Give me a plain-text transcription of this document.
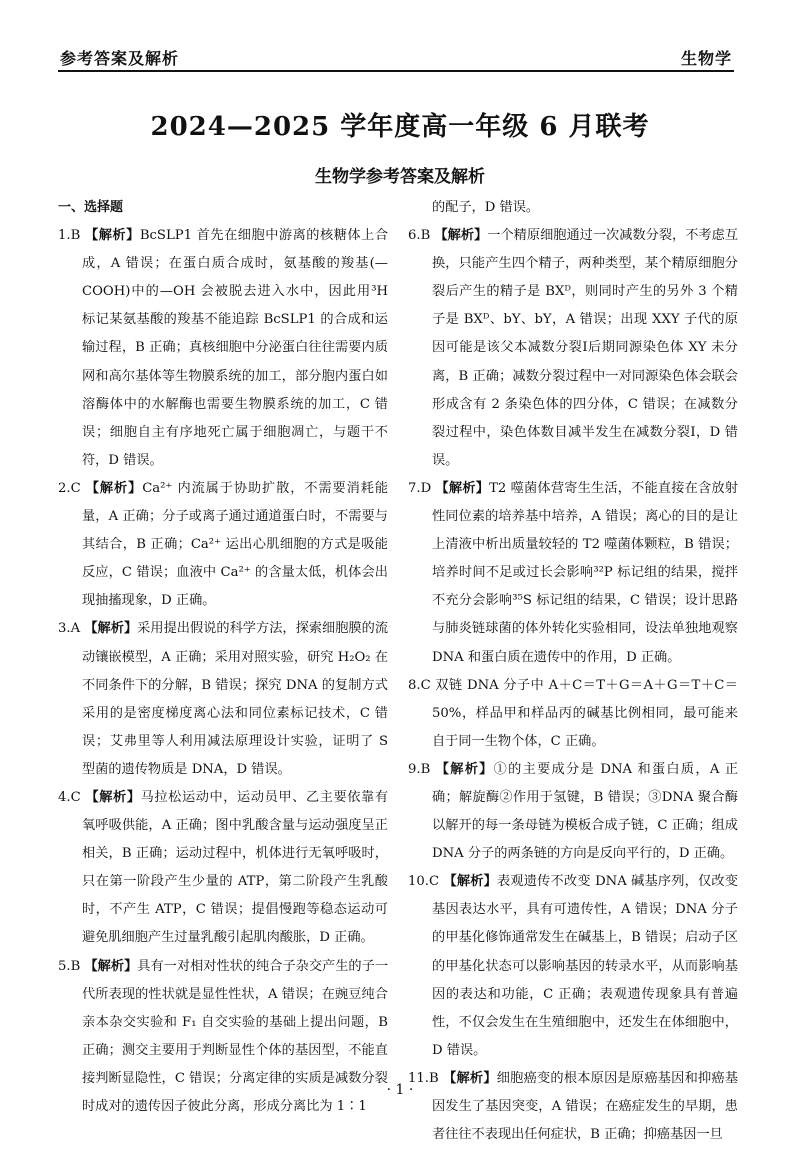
参考答案及解析	生物学
2024—2025 学年度高一年级 6 月联考
生物学参考答案及解析
一、选择题

1.B 【解析】BcSLP1 首先在细胞中游离的核糖体上合成，A 错误；在蛋白质合成时，氨基酸的羧基(—COOH)中的—OH 会被脱去进入水中，因此用³H 标记某氨基酸的羧基不能追踪 BcSLP1 的合成和运输过程，B 正确；真核细胞中分泌蛋白往往需要内质网和高尔基体等生物膜系统的加工，部分胞内蛋白如溶酶体中的水解酶也需要生物膜系统的加工，C 错误；细胞自主有序地死亡属于细胞凋亡，与题干不符，D 错误。

2.C 【解析】Ca²⁺ 内流属于协助扩散，不需要消耗能量，A 正确；分子或离子通过通道蛋白时，不需要与其结合，B 正确；Ca²⁺ 运出心肌细胞的方式是吸能反应，C 错误；血液中 Ca²⁺ 的含量太低，机体会出现抽搐现象，D 正确。

3.A 【解析】采用提出假说的科学方法，探索细胞膜的流动镶嵌模型，A 正确；采用对照实验，研究 H₂O₂ 在不同条件下的分解，B 错误；探究 DNA 的复制方式采用的是密度梯度离心法和同位素标记技术，C 错误；艾弗里等人利用减法原理设计实验，证明了 S 型菌的遗传物质是 DNA，D 错误。

4.C 【解析】马拉松运动中，运动员甲、乙主要依靠有氧呼吸供能，A 正确；图中乳酸含量与运动强度呈正相关，B 正确；运动过程中，机体进行无氧呼吸时，只在第一阶段产生少量的 ATP，第二阶段产生乳酸时，不产生 ATP，C 错误；提倡慢跑等稳态运动可避免肌细胞产生过量乳酸引起肌肉酸胀，D 正确。

5.B 【解析】具有一对相对性状的纯合子杂交产生的子一代所表现的性状就是显性性状，A 错误；在豌豆纯合亲本杂交实验和 F₁ 自交实验的基础上提出问题，B 正确；测交主要用于判断显性个体的基因型，不能直接判断显隐性，C 错误；分离定律的实质是减数分裂时成对的遗传因子彼此分离，形成分离比为 1∶1

的配子，D 错误。

6.B 【解析】一个精原细胞通过一次减数分裂，不考虑互换，只能产生四个精子，两种类型，某个精原细胞分裂后产生的精子是 BXᴰ，则同时产生的另外 3 个精子是 BXᴰ、bY、bY，A 错误；出现 XXY 子代的原因可能是该父本减数分裂Ⅰ后期同源染色体 XY 未分离，B 正确；减数分裂过程中一对同源染色体会联会形成含有 2 条染色体的四分体，C 错误；在减数分裂过程中，染色体数目减半发生在减数分裂Ⅰ，D 错误。

7.D 【解析】T2 噬菌体营寄生生活，不能直接在含放射性同位素的培养基中培养，A 错误；离心的目的是让上清液中析出质量较轻的 T2 噬菌体颗粒，B 错误；培养时间不足或过长会影响³²P 标记组的结果，搅拌不充分会影响³⁵S 标记组的结果，C 错误；设计思路与肺炎链球菌的体外转化实验相同，设法单独地观察 DNA 和蛋白质在遗传中的作用，D 正确。

8.C 双链 DNA 分子中 A＋C＝T＋G＝A＋G＝T＋C＝50%，样品甲和样品丙的碱基比例相同，最可能来自于同一生物个体，C 正确。

9.B 【解析】①的主要成分是 DNA 和蛋白质，A 正确；解旋酶②作用于氢键，B 错误；③DNA 聚合酶以解开的每一条母链为模板合成子链，C 正确；组成 DNA 分子的两条链的方向是反向平行的，D 正确。

10.C 【解析】表观遗传不改变 DNA 碱基序列，仅改变基因表达水平，具有可遗传性，A 错误；DNA 分子的甲基化修饰通常发生在碱基上，B 错误；启动子区的甲基化状态可以影响基因的转录水平，从而影响基因的表达和功能，C 正确；表观遗传现象具有普遍性，不仅会发生在生殖细胞中，还发生在体细胞中，D 错误。

11.B 【解析】细胞癌变的根本原因是原癌基因和抑癌基因发生了基因突变，A 错误；在癌症发生的早期，患者往往不表现出任何症状，B 正确；抑癌基因一旦

· 1 ·
